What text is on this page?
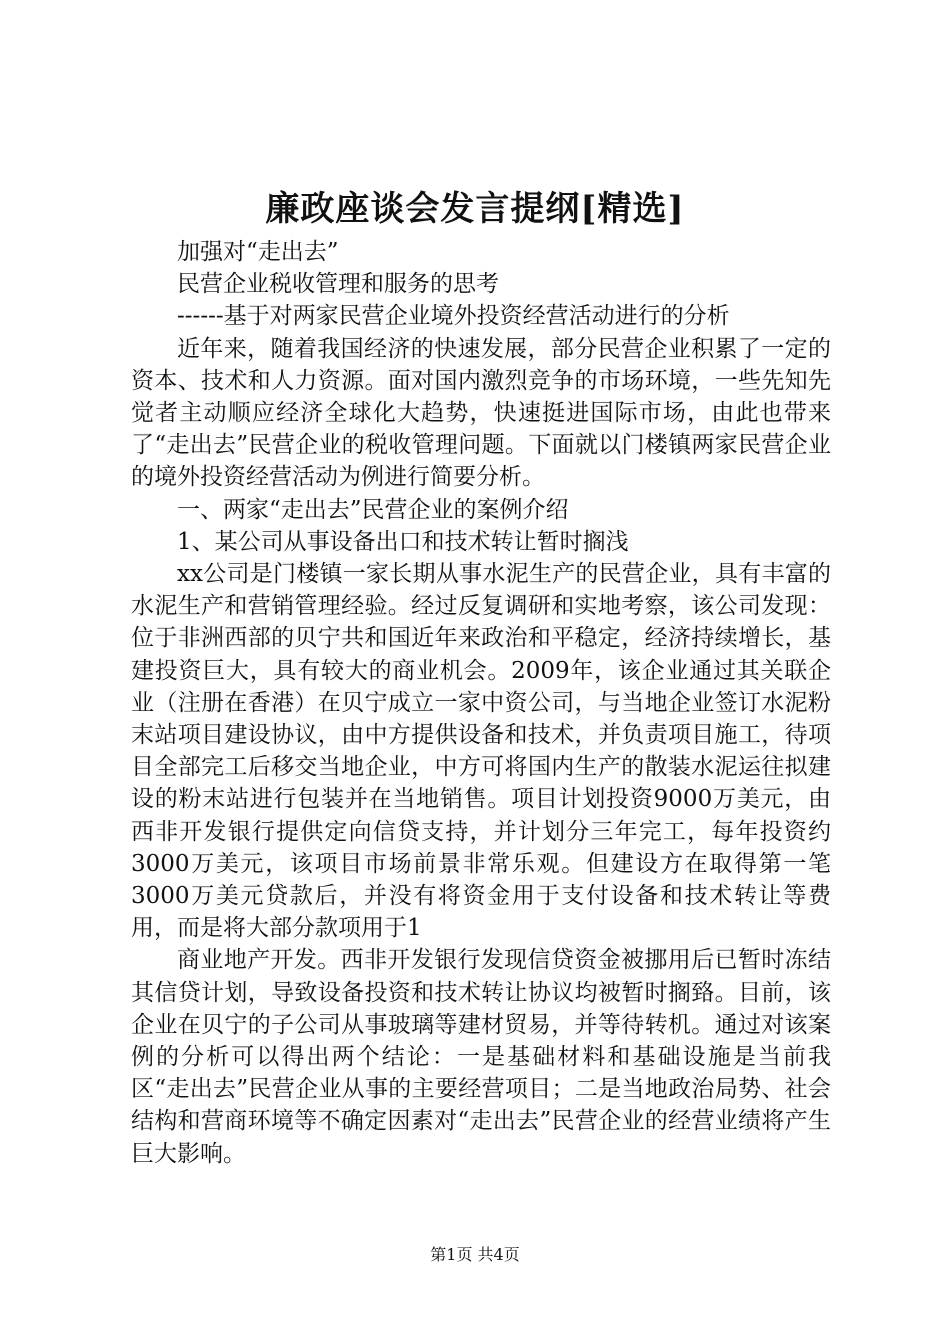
廉政座谈会发言提纲[精选]

加强对“走出去”

民营企业税收管理和服务的思考

------基于对两家民营企业境外投资经营活动进行的分析

近年来，随着我国经济的快速发展，部分民营企业积累了一定的资本、技术和人力资源。面对国内激烈竞争的市场环境，一些先知先觉者主动顺应经济全球化大趋势，快速挺进国际市场，由此也带来了“走出去”民营企业的税收管理问题。下面就以门楼镇两家民营企业的境外投资经营活动为例进行简要分析。

一、两家“走出去”民营企业的案例介绍

1、某公司从事设备出口和技术转让暂时搁浅

xx公司是门楼镇一家长期从事水泥生产的民营企业，具有丰富的水泥生产和营销管理经验。经过反复调研和实地考察，该公司发现：位于非洲西部的贝宁共和国近年来政治和平稳定，经济持续增长，基建投资巨大，具有较大的商业机会。2009年，该企业通过其关联企业（注册在香港）在贝宁成立一家中资公司，与当地企业签订水泥粉末站项目建设协议，由中方提供设备和技术，并负责项目施工，待项目全部完工后移交当地企业，中方可将国内生产的散装水泥运往拟建设的粉末站进行包装并在当地销售。项目计划投资9000万美元，由西非开发银行提供定向信贷支持，并计划分三年完工，每年投资约3000万美元，该项目市场前景非常乐观。但建设方在取得第一笔3000万美元贷款后，并没有将资金用于支付设备和技术转让等费用，而是将大部分款项用于1

商业地产开发。西非开发银行发现信贷资金被挪用后已暂时冻结其信贷计划，导致设备投资和技术转让协议均被暂时搁臵。目前，该企业在贝宁的子公司从事玻璃等建材贸易，并等待转机。通过对该案例的分析可以得出两个结论：一是基础材料和基础设施是当前我区“走出去”民营企业从事的主要经营项目；二是当地政治局势、社会结构和营商环境等不确定因素对“走出去”民营企业的经营业绩将产生巨大影响。

第1页 共4页
